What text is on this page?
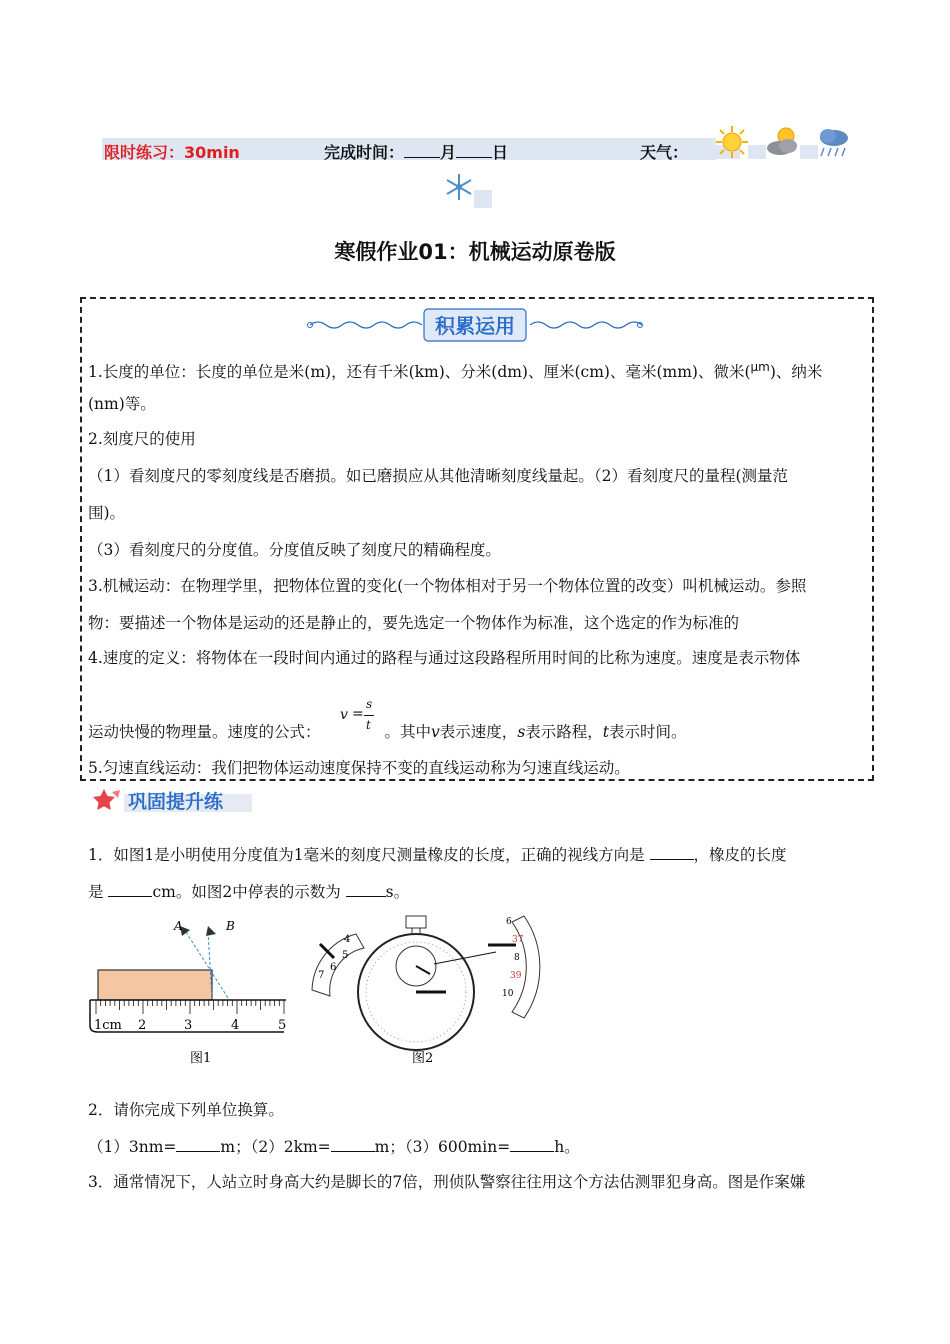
限时练习：30min	完成时间： 月 日	天气：
寒假作业01：机械运动原卷版
积累运用
1.长度的单位：长度的单位是米(m)，还有千米(km)、分米(dm)、厘米(cm)、毫米(mm)、微米($^{\mu m}$)、纳米
(nm)等。
2.刻度尺的使用
（1）看刻度尺的零刻度线是否磨损。如已磨损应从其他清晰刻度线量起。（2）看刻度尺的量程(测量范
围)。
（3）看刻度尺的分度值。分度值反映了刻度尺的精确程度。
3.机械运动：在物理学里，把物体位置的变化(一个物体相对于另一个物体位置的改变）叫机械运动。参照
物：要描述一个物体是运动的还是静止的，要先选定一个物体作为标准，这个选定的作为标准的
4.速度的定义：将物体在一段时间内通过的路程与通过这段路程所用时间的比称为速度。速度是表示物体
运动快慢的物理量。速度的公式：	。其中v表示速度，s表示路程，t表示时间。
v =
s
t
5.匀速直线运动：我们把物体运动速度保持不变的直线运动称为匀速直线运动。
巩固提升练
1．如图1是小明使用分度值为1毫米的刻度尺测量橡皮的长度，正确的视线方向是	，橡皮的长度
是	cm。如图2中停表的示数为	s。
A	B
1cm 2	3	4	5
图1
4
5
6
7
6
37
8
39
10
图2
2．请你完成下列单位换算。
（1）3nm=	m；（2）2km=	m；（3）600min=	h。
3．通常情况下，人站立时身高大约是脚长的7倍，刑侦队警察往往用这个方法估测罪犯身高。图是作案嫌
